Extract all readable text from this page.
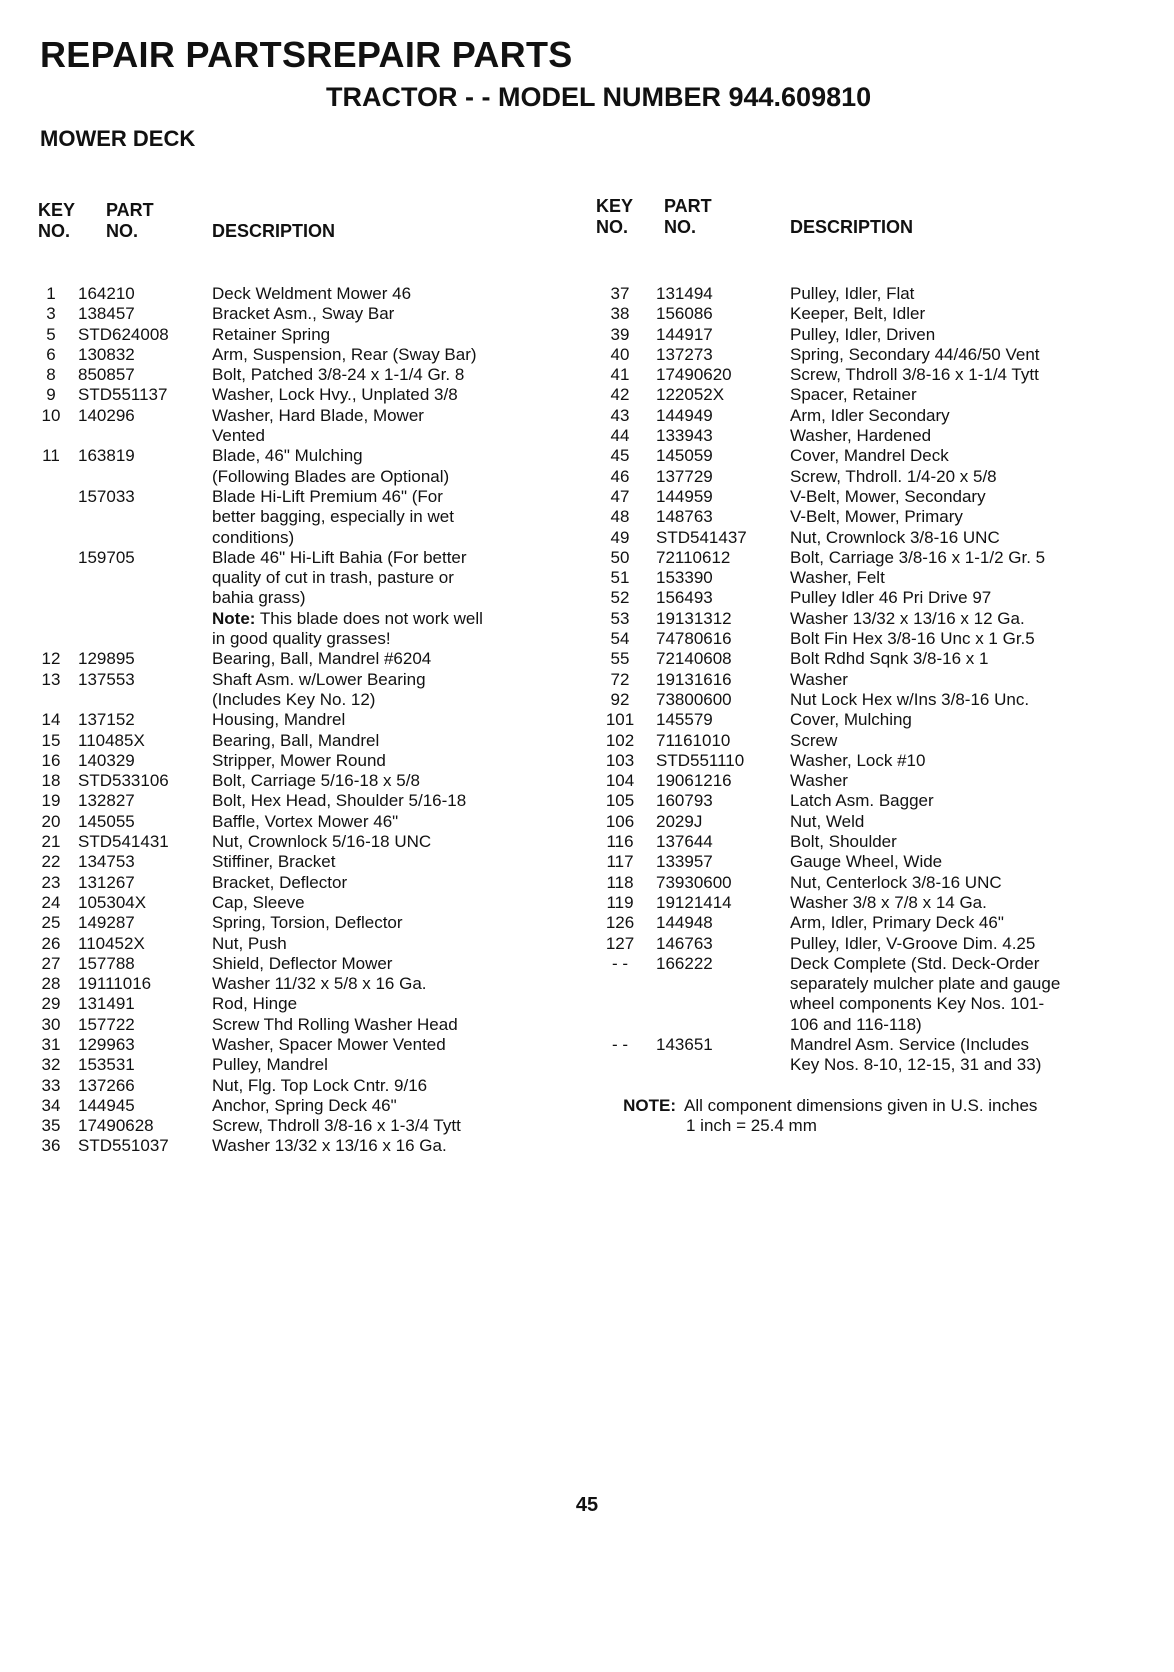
REPAIR PARTSREPAIR PARTS
TRACTOR - - MODEL NUMBER 944.609810
MOWER DECK
KEY
NO.
PART
NO.	DESCRIPTION
1	164210	Deck Weldment Mower 46
3	138457	Bracket Asm., Sway Bar
5	STD624008	Retainer Spring
6	130832	Arm, Suspension, Rear (Sway Bar)
8	850857	Bolt, Patched 3/8-24 x 1-1/4 Gr. 8
9	STD551137	Washer, Lock Hvy., Unplated 3/8
10	140296	Washer, Hard Blade, Mower
Vented
11	163819	Blade, 46" Mulching
(Following Blades are Optional)
157033	Blade Hi-Lift Premium 46" (For
better bagging, especially in wet
conditions)
159705	Blade 46" Hi-Lift Bahia (For better
quality of cut in trash, pasture or
bahia grass)
Note: This blade does not work well
in good quality grasses!
12	129895	Bearing, Ball, Mandrel #6204
13	137553	Shaft Asm. w/Lower Bearing
(Includes Key No. 12)
14	137152	Housing, Mandrel
15	110485X	Bearing, Ball, Mandrel
16	140329	Stripper, Mower Round
18	STD533106	Bolt, Carriage 5/16-18 x 5/8
19	132827	Bolt, Hex Head, Shoulder 5/16-18
20	145055	Baffle, Vortex Mower 46"
21	STD541431	Nut, Crownlock 5/16-18 UNC
22	134753	Stiffiner, Bracket
23	131267	Bracket, Deflector
24	105304X	Cap, Sleeve
25	149287	Spring, Torsion, Deflector
26	110452X	Nut, Push
27	157788	Shield, Deflector Mower
28	19111016	Washer 11/32 x 5/8 x 16 Ga.
29	131491	Rod, Hinge
30	157722	Screw Thd Rolling Washer Head
31	129963	Washer, Spacer Mower Vented
32	153531	Pulley, Mandrel
33	137266	Nut, Flg. Top Lock Cntr. 9/16
34	144945	Anchor, Spring Deck 46"
35	17490628	Screw, Thdroll 3/8-16 x 1-3/4 Tytt
36	STD551037	Washer 13/32 x 13/16 x 16 Ga.
KEY
NO.
PART
NO.	DESCRIPTION
37	131494	Pulley, Idler, Flat
38	156086	Keeper, Belt, Idler
39	144917	Pulley, Idler, Driven
40	137273	Spring, Secondary 44/46/50 Vent
41	17490620	Screw, Thdroll 3/8-16 x 1-1/4 Tytt
42	122052X	Spacer, Retainer
43	144949	Arm, Idler Secondary
44	133943	Washer, Hardened
45	145059	Cover, Mandrel Deck
46	137729	Screw, Thdroll. 1/4-20 x 5/8
47	144959	V-Belt, Mower, Secondary
48	148763	V-Belt, Mower, Primary
49	STD541437	Nut, Crownlock 3/8-16 UNC
50	72110612	Bolt, Carriage 3/8-16 x 1-1/2 Gr. 5
51	153390	Washer, Felt
52	156493	Pulley Idler 46 Pri Drive 97
53	19131312	Washer 13/32 x 13/16 x 12 Ga.
54	74780616	Bolt Fin Hex 3/8-16 Unc x 1 Gr.5
55	72140608	Bolt Rdhd Sqnk 3/8-16 x 1
72	19131616	Washer
92	73800600	Nut Lock Hex w/Ins 3/8-16 Unc.
101	145579	Cover, Mulching
102	71161010	Screw
103	STD551110	Washer, Lock #10
104	19061216	Washer
105	160793	Latch Asm. Bagger
106	2029J	Nut, Weld
116	137644	Bolt, Shoulder
117	133957	Gauge Wheel, Wide
118	73930600	Nut, Centerlock 3/8-16 UNC
119	19121414	Washer 3/8 x 7/8 x 14 Ga.
126	144948	Arm, Idler, Primary Deck 46"
127	146763	Pulley, Idler, V-Groove Dim. 4.25
- -	166222	Deck Complete (Std. Deck-Order
separately mulcher plate and gauge
wheel components Key Nos. 101-
106 and 116-118)
- -	143651	Mandrel Asm. Service (Includes
Key Nos. 8-10, 12-15, 31 and 33)
NOTE: All component dimensions given in U.S. inches
1 inch = 25.4 mm
45
